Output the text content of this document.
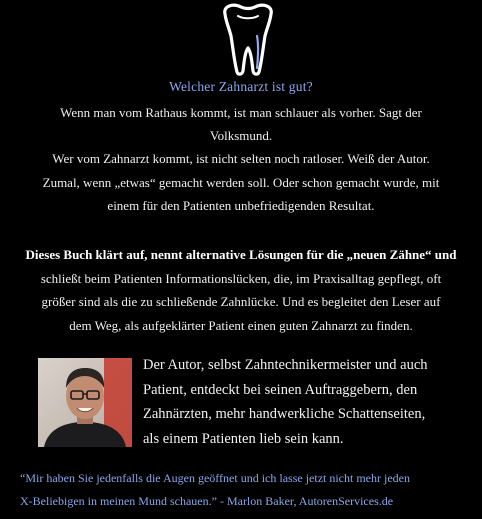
Welcher Zahnarzt ist gut?

Wenn man vom Rathaus kommt, ist man schlauer als vorher. Sagt der

Volksmund.

Wer vom Zahnarzt kommt, ist nicht selten noch ratloser. Weiß der Autor.

Zumal, wenn „etwas“ gemacht werden soll. Oder schon gemacht wurde, mit

einem für den Patienten unbefriedigenden Resultat.

Dieses Buch klärt auf, nennt alternative Lösungen für die „neuen Zähne“ und

schließt beim Patienten Informationslücken, die, im Praxisalltag gepflegt, oft

größer sind als die zu schließende Zahnlücke. Und es begleitet den Leser auf

dem Weg, als aufgeklärter Patient einen guten Zahnarzt zu finden.

Der Autor, selbst Zahntechnikermeister und auch

Patient, entdeckt bei seinen Auftraggebern, den

Zahnärzten, mehr handwerkliche Schattenseiten,

als einem Patienten lieb sein kann.

“Mir haben Sie jedenfalls die Augen geöffnet und ich lasse jetzt nicht mehr jeden

X-Beliebigen in meinen Mund schauen.” - Marlon Baker, AutorenServices.de
